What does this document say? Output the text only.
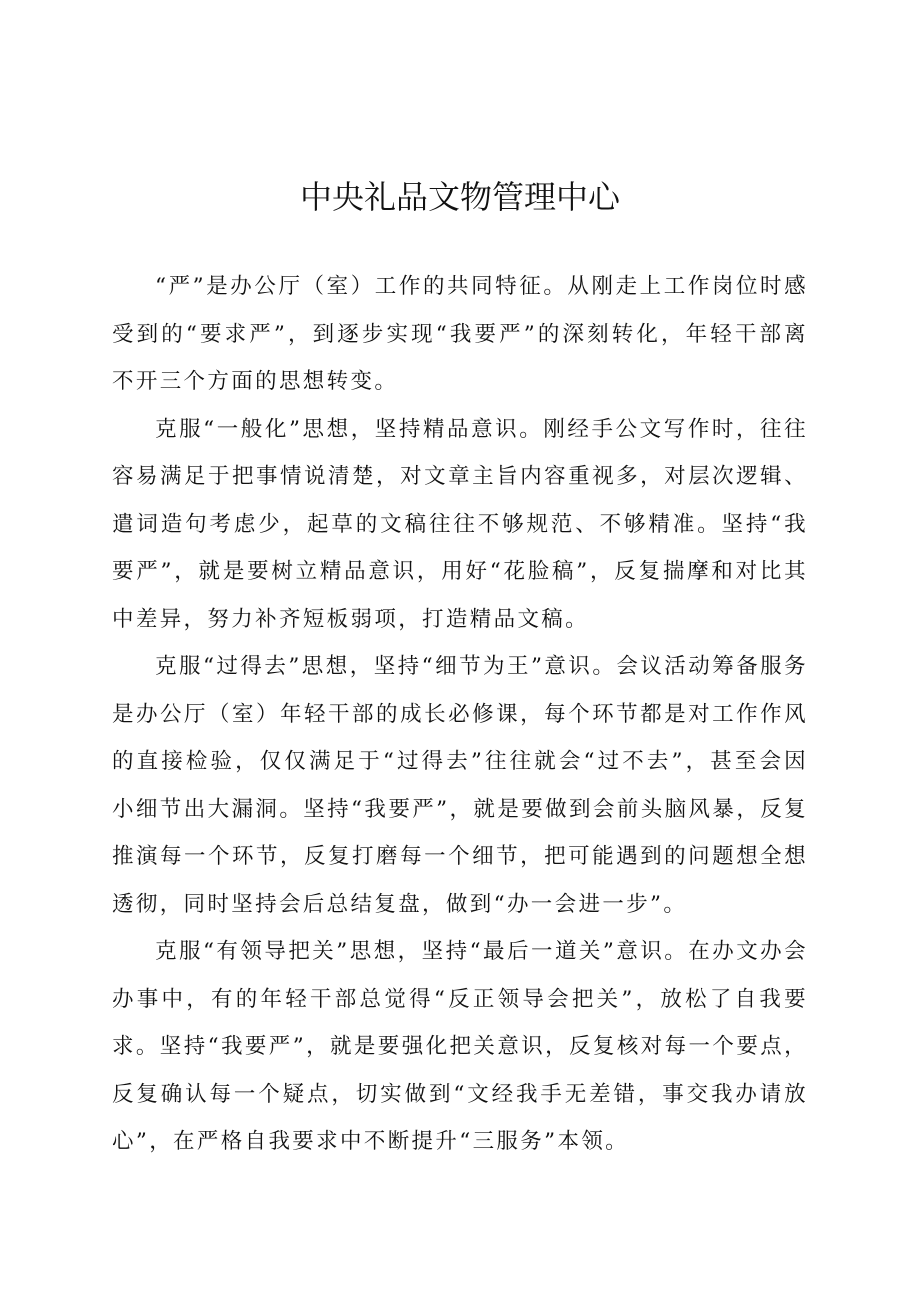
中央礼品文物管理中心

“严”是办公厅（室）工作的共同特征。从刚走上工作岗位时感受到的“要求严”，到逐步实现“我要严”的深刻转化，年轻干部离不开三个方面的思想转变。

克服“一般化”思想，坚持精品意识。刚经手公文写作时，往往容易满足于把事情说清楚，对文章主旨内容重视多，对层次逻辑、遣词造句考虑少，起草的文稿往往不够规范、不够精准。坚持“我要严”，就是要树立精品意识，用好“花脸稿”，反复揣摩和对比其中差异，努力补齐短板弱项，打造精品文稿。

克服“过得去”思想，坚持“细节为王”意识。会议活动筹备服务是办公厅（室）年轻干部的成长必修课，每个环节都是对工作作风的直接检验，仅仅满足于“过得去”往往就会“过不去”，甚至会因小细节出大漏洞。坚持“我要严”，就是要做到会前头脑风暴，反复推演每一个环节，反复打磨每一个细节，把可能遇到的问题想全想透彻，同时坚持会后总结复盘，做到“办一会进一步”。

克服“有领导把关”思想，坚持“最后一道关”意识。在办文办会办事中，有的年轻干部总觉得“反正领导会把关”，放松了自我要求。坚持“我要严”，就是要强化把关意识，反复核对每一个要点，反复确认每一个疑点，切实做到“文经我手无差错，事交我办请放心”，在严格自我要求中不断提升“三服务”本领。
